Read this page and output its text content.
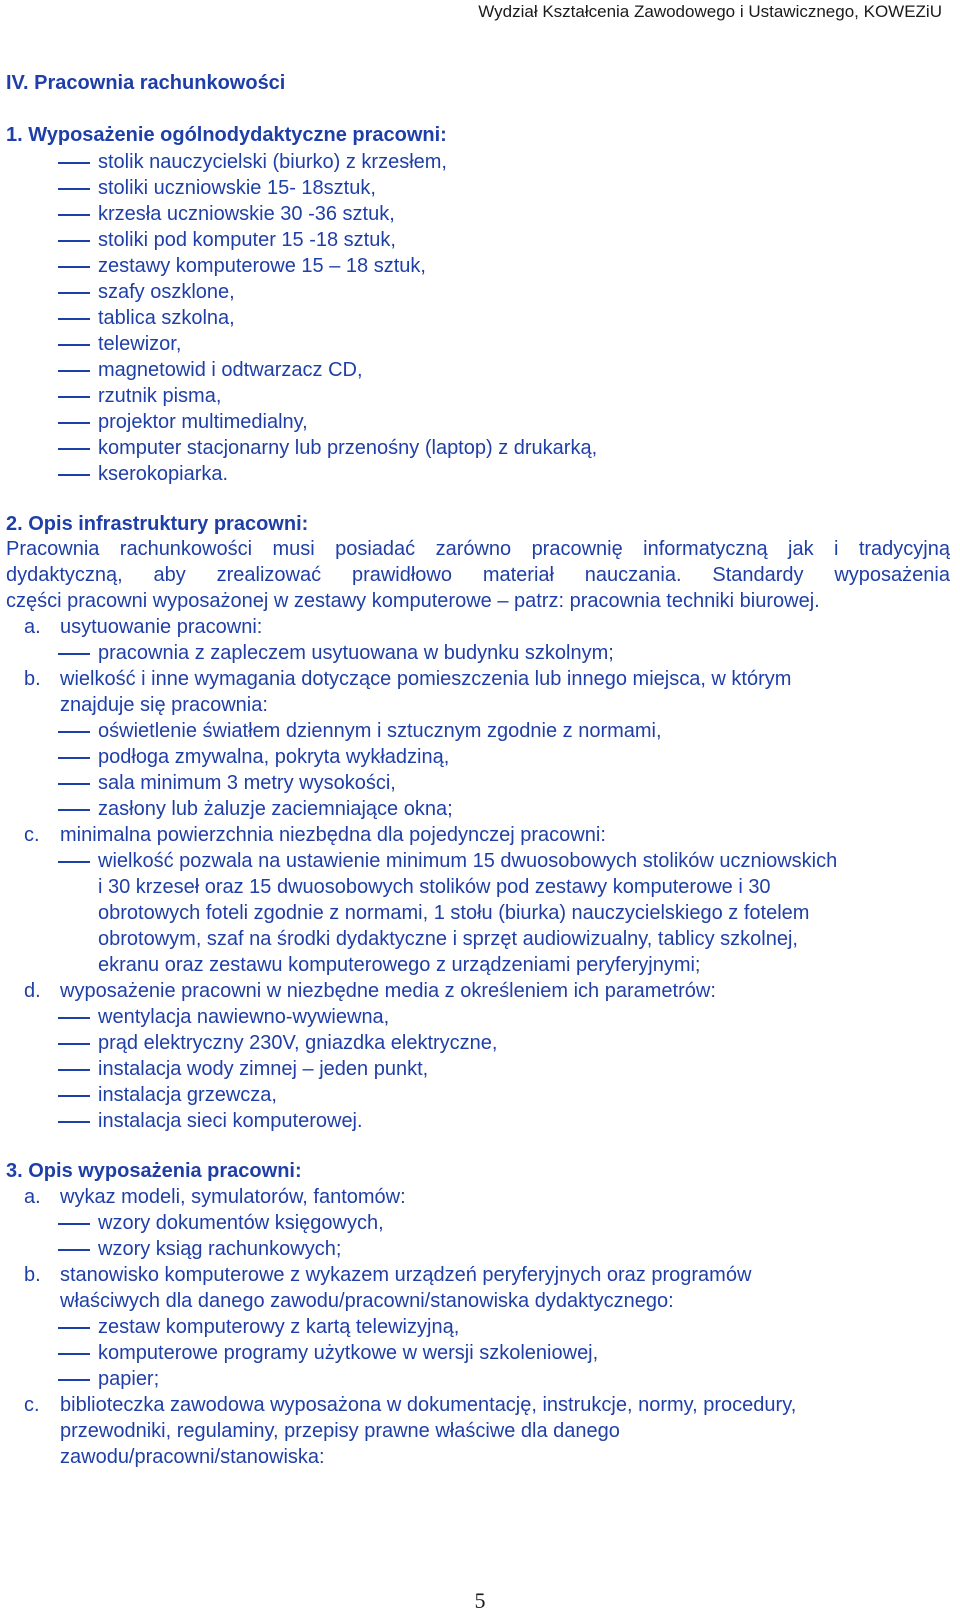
Wydział Kształcenia Zawodowego i Ustawicznego, KOWEZiU
IV. Pracownia rachunkowości
1. Wyposażenie ogólnodydaktyczne pracowni:
stolik nauczycielski (biurko) z krzesłem,
stoliki uczniowskie 15- 18sztuk,
krzesła uczniowskie 30 -36 sztuk,
stoliki pod komputer 15 -18 sztuk,
zestawy komputerowe 15 – 18 sztuk,
szafy oszklone,
tablica szkolna,
telewizor,
magnetowid i odtwarzacz CD,
rzutnik pisma,
projektor multimedialny,
komputer stacjonarny lub przenośny (laptop) z drukarką,
kserokopiarka.
2. Opis infrastruktury pracowni:
Pracownia rachunkowości musi posiadać zarówno pracownię informatyczną jak i tradycyjną
dydaktyczną, aby zrealizować prawidłowo materiał nauczania. Standardy wyposażenia
części pracowni wyposażonej w zestawy komputerowe – patrz: pracownia techniki biurowej.
a. usytuowanie pracowni:
pracownia z zapleczem usytuowana w budynku szkolnym;
b. wielkość i inne wymagania dotyczące pomieszczenia lub innego miejsca, w którym
znajduje się pracownia:
oświetlenie światłem dziennym i sztucznym zgodnie z normami,
podłoga zmywalna, pokryta wykładziną,
sala minimum 3 metry wysokości,
zasłony lub żaluzje zaciemniające okna;
c. minimalna powierzchnia niezbędna dla pojedynczej pracowni:
wielkość pozwala na ustawienie minimum 15 dwuosobowych stolików uczniowskich
i 30 krzeseł oraz 15 dwuosobowych stolików pod zestawy komputerowe i 30
obrotowych foteli zgodnie z normami, 1 stołu (biurka) nauczycielskiego z fotelem
obrotowym, szaf na środki dydaktyczne i sprzęt audiowizualny, tablicy szkolnej,
ekranu oraz zestawu komputerowego z urządzeniami peryferyjnymi;
d. wyposażenie pracowni w niezbędne media z określeniem ich parametrów:
wentylacja nawiewno-wywiewna,
prąd elektryczny 230V, gniazdka elektryczne,
instalacja wody zimnej – jeden punkt,
instalacja grzewcza,
instalacja sieci komputerowej.
3. Opis wyposażenia pracowni:
a. wykaz modeli, symulatorów, fantomów:
wzory dokumentów księgowych,
wzory ksiąg rachunkowych;
b. stanowisko komputerowe z wykazem urządzeń peryferyjnych oraz programów
właściwych dla danego zawodu/pracowni/stanowiska dydaktycznego:
zestaw komputerowy z kartą telewizyjną,
komputerowe programy użytkowe w wersji szkoleniowej,
papier;
c. biblioteczka zawodowa wyposażona w dokumentację, instrukcje, normy, procedury,
przewodniki, regulaminy, przepisy prawne właściwe dla danego
zawodu/pracowni/stanowiska:
5
